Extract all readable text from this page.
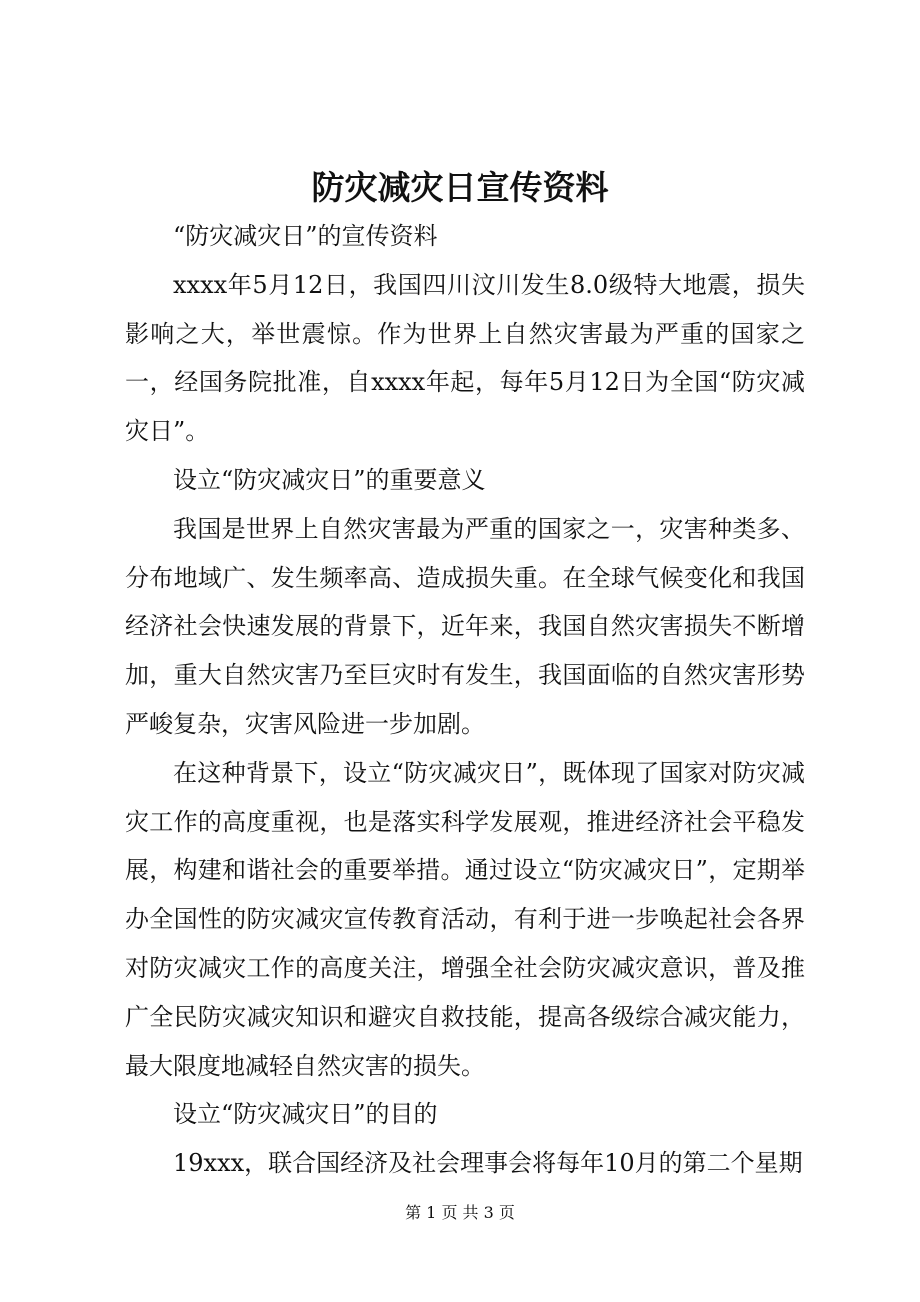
防灾减灾日宣传资料

“防灾减灾日”的宣传资料

xxxx年5月12日，我国四川汶川发生8.0级特大地震，损失影响之大，举世震惊。作为世界上自然灾害最为严重的国家之一，经国务院批准，自xxxx年起，每年5月12日为全国“防灾减灾日”。

设立“防灾减灾日”的重要意义

我国是世界上自然灾害最为严重的国家之一，灾害种类多、分布地域广、发生频率高、造成损失重。在全球气候变化和我国经济社会快速发展的背景下，近年来，我国自然灾害损失不断增加，重大自然灾害乃至巨灾时有发生，我国面临的自然灾害形势严峻复杂，灾害风险进一步加剧。

在这种背景下，设立“防灾减灾日”，既体现了国家对防灾减灾工作的高度重视，也是落实科学发展观，推进经济社会平稳发展，构建和谐社会的重要举措。通过设立“防灾减灾日”，定期举办全国性的防灾减灾宣传教育活动，有利于进一步唤起社会各界对防灾减灾工作的高度关注，增强全社会防灾减灾意识，普及推广全民防灾减灾知识和避灾自救技能，提高各级综合减灾能力，最大限度地减轻自然灾害的损失。

设立“防灾减灾日”的目的

19xxx，联合国经济及社会理事会将每年10月的第二个星期

第 1 页 共 3 页
